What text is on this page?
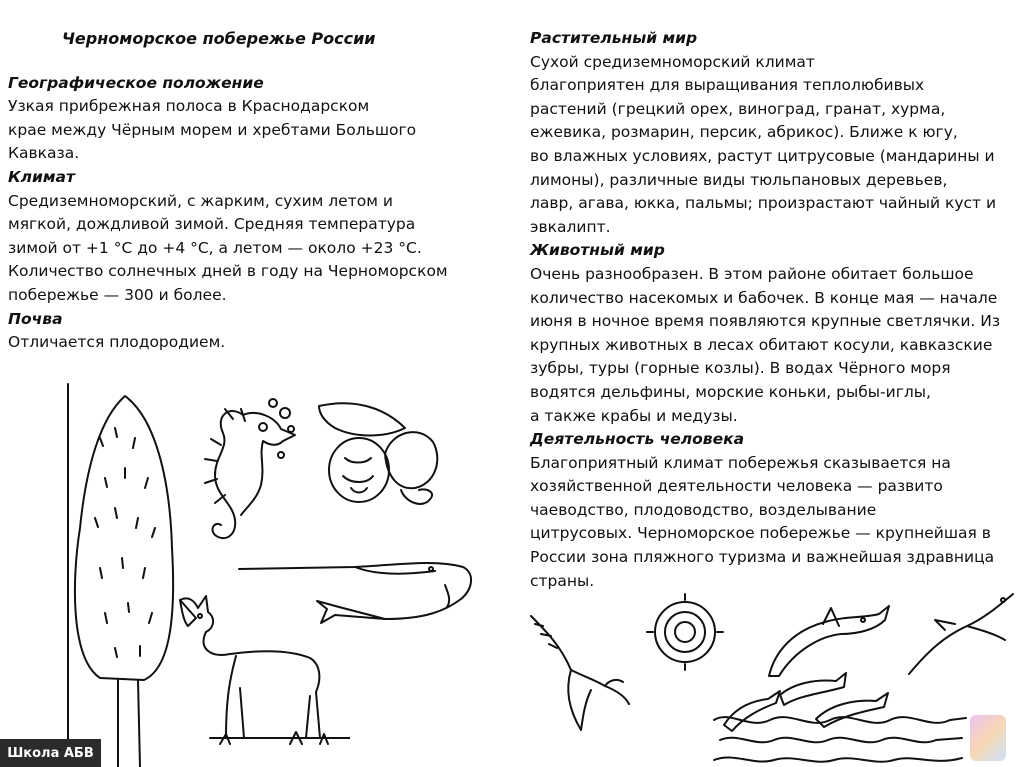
Черноморское побережье России

Географическое положение

Узкая прибрежная полоса в Краснодарском

крае между Чёрным морем и хребтами Большого

Кавказа.

Климат

Средиземноморский, с жарким, сухим летом и

мягкой, дождливой зимой. Средняя температура

зимой от +1 °С до +4 °С, а летом — около +23 °С.

Количество солнечных дней в году на Черноморском

побережье — 300 и более.

Почва

Отличается плодородием.

Растительный мир

Сухой средиземноморский климат

благоприятен для выращивания теплолюбивых

растений (грецкий орех, виноград, гранат, хурма,

ежевика, розмарин, персик, абрикос). Ближе к югу,

во влажных условиях, растут цитрусовые (мандарины и

лимоны), различные виды тюльпановых деревьев,

лавр, агава, юкка, пальмы; произрастают чайный куст и

эвкалипт.

Животный мир

Очень разнообразен. В этом районе обитает большое

количество насекомых и бабочек. В конце мая — начале

июня в ночное время появляются крупные светлячки. Из

крупных животных в лесах обитают косули, кавказские

зубры, туры (горные козлы). В водах Чёрного моря

водятся дельфины, морские коньки, рыбы-иглы,

а также крабы и медузы.

Деятельность человека

Благоприятный климат побережья сказывается на

хозяйственной деятельности человека — развито

чаеводство, плодоводство, возделывание

цитрусовых. Черноморское побережье — крупнейшая в

России зона пляжного туризма и важнейшая здравница

страны.

Школа АБВ
